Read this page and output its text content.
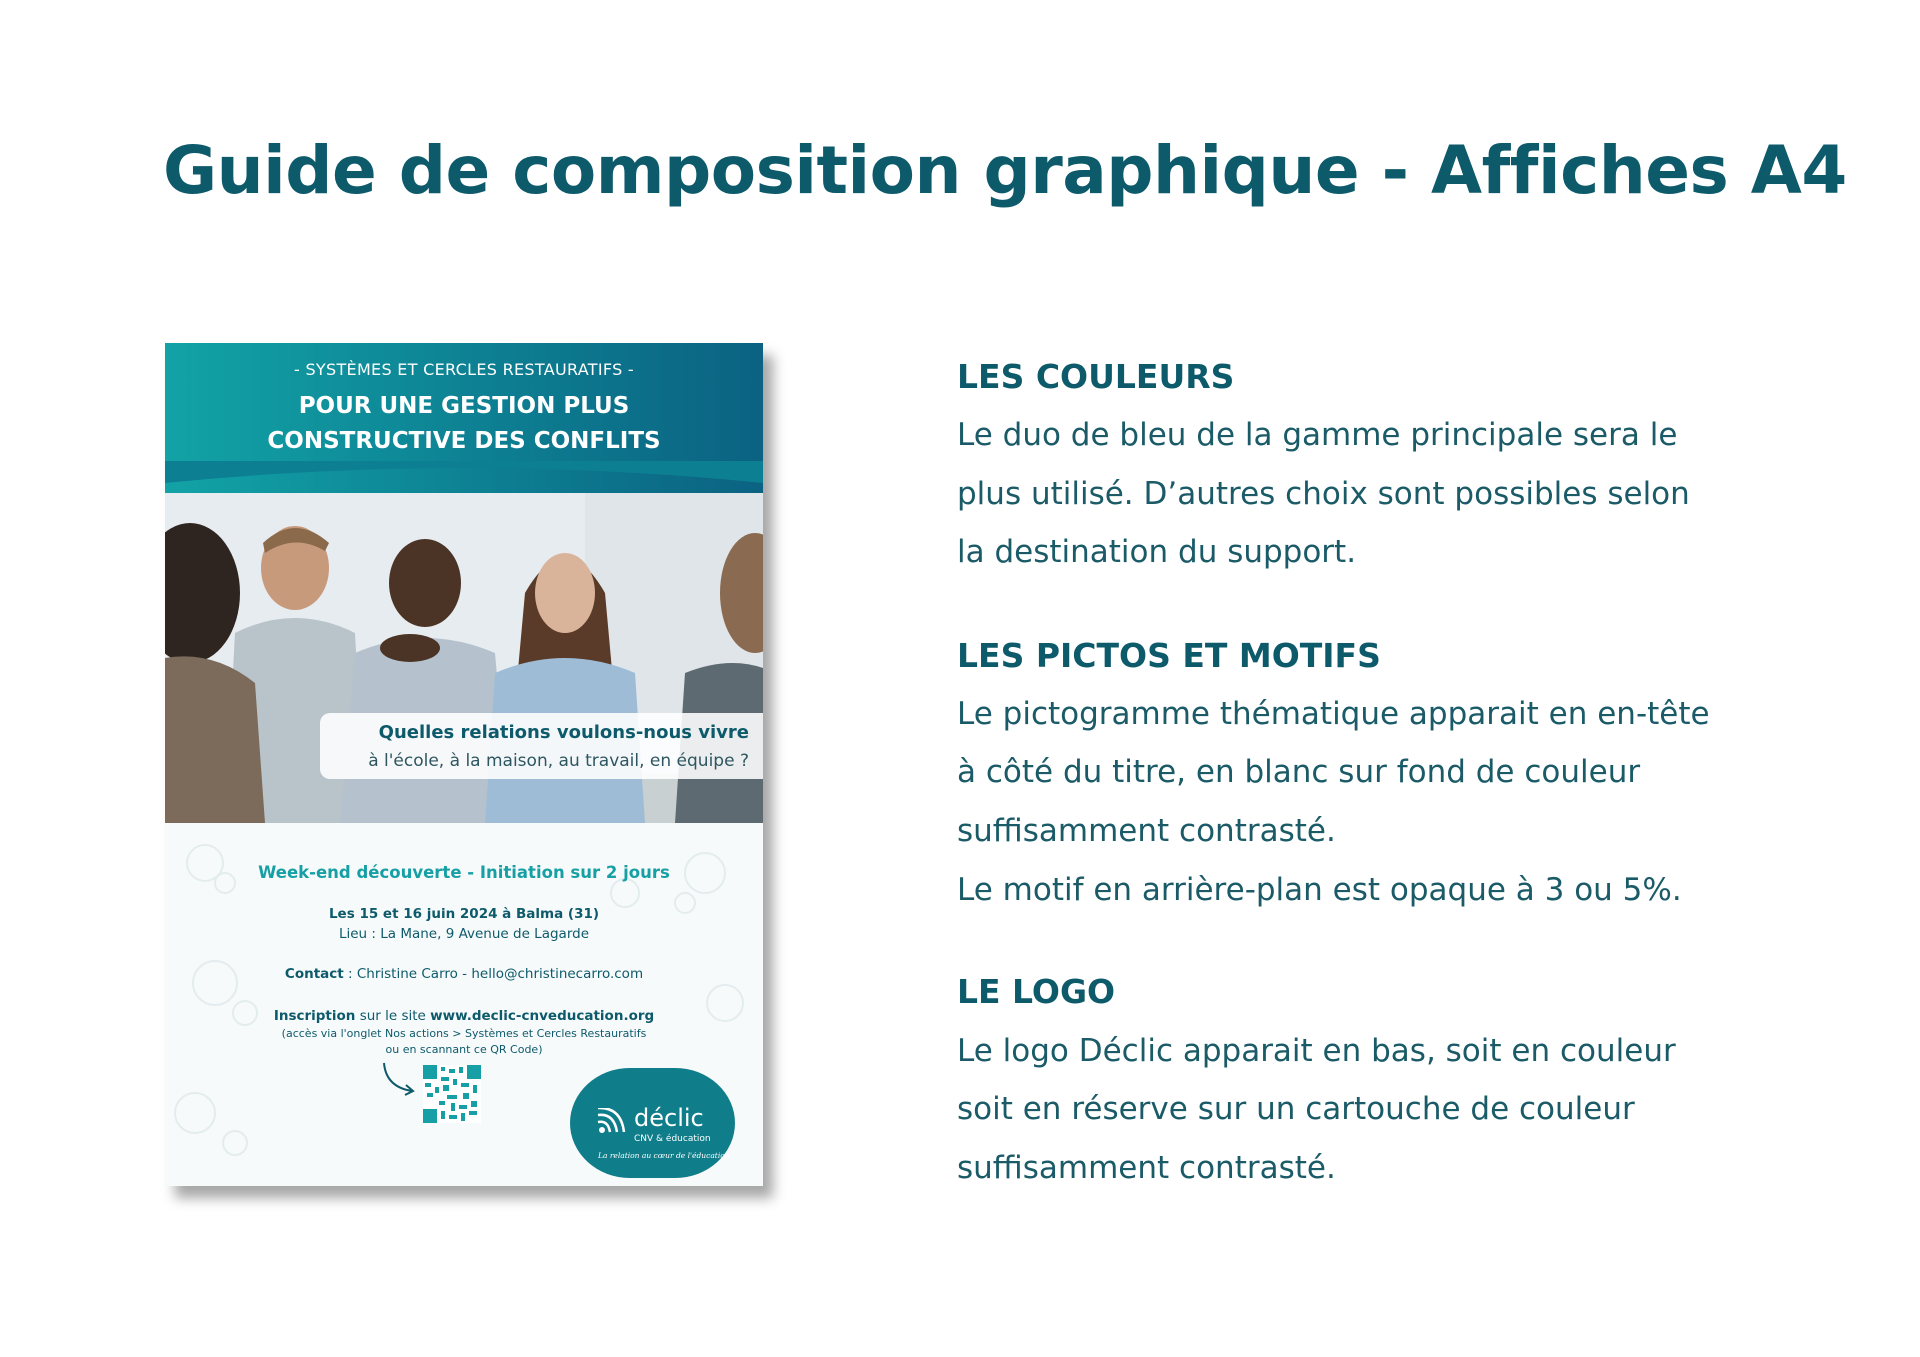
Guide de composition graphique - Affiches A4
- SYSTÈMES ET CERCLES RESTAURATIFS -
POUR UNE GESTION PLUS
CONSTRUCTIVE DES CONFLITS
Quelles relations voulons-nous vivre
à l'école, à la maison, au travail, en équipe ?
Week-end découverte - Initiation sur 2 jours
Les 15 et 16 juin 2024 à Balma (31)
Lieu : La Mane, 9 Avenue de Lagarde
Contact : Christine Carro - hello@christinecarro.com
Inscription sur le site www.declic-cnveducation.org
(accès via l'onglet Nos actions > Systèmes et Cercles Restauratifs
ou en scannant ce QR Code)
déclic
CNV & éducation
La relation au cœur de l'éducation
LES COULEURS
Le duo de bleu de la gamme principale sera le
plus utilisé. D’autres choix sont possibles selon
la destination du support.
LES PICTOS ET MOTIFS
Le pictogramme thématique apparait en en-tête
à côté du titre, en blanc sur fond de couleur
suffisamment contrasté.
Le motif en arrière-plan est opaque à 3 ou 5%.
LE LOGO
Le logo Déclic apparait en bas, soit en couleur
soit en réserve sur un cartouche de couleur
suffisamment contrasté.
